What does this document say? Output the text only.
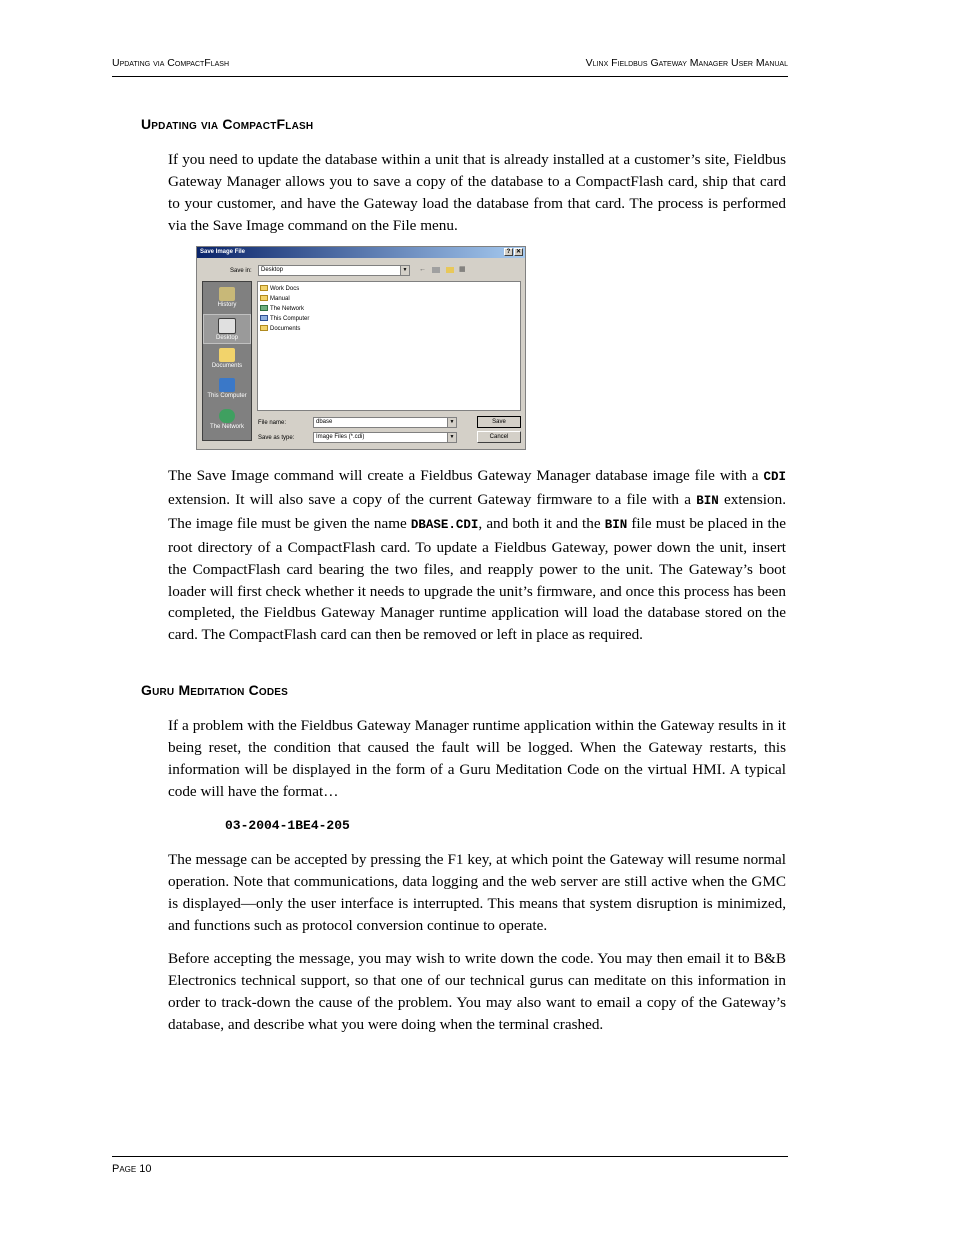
Updating via CompactFlash	Vlinx Fieldbus Gateway Manager User Manual
Updating via CompactFlash

If you need to update the database within a unit that is already installed at a customer’s site, Fieldbus Gateway Manager allows you to save a copy of the database to a CompactFlash card, ship that card to your customer, and have the Gateway load the database from that card. The process is performed via the Save Image command on the File menu.

Save Image File	? ✕
Save in:	Desktop	▼ ←	▦
History
Desktop
Documents
This Computer
The Network
Work Docs
Manual
The Network
This Computer
Documents
File name:	dbase	▼
Save as type:	Image Files (*.cdi)	▼
Save
Cancel

The Save Image command will create a Fieldbus Gateway Manager database image file with a CDI extension. It will also save a copy of the current Gateway firmware to a file with a BIN extension. The image file must be given the name DBASE.CDI, and both it and the BIN file must be placed in the root directory of a CompactFlash card. To update a Fieldbus Gateway, power down the unit, insert the CompactFlash card bearing the two files, and reapply power to the unit. The Gateway’s boot loader will first check whether it needs to upgrade the unit’s firmware, and once this process has been completed, the Fieldbus Gateway Manager runtime application will load the database stored on the card. The CompactFlash card can then be removed or left in place as required.

Guru Meditation Codes

If a problem with the Fieldbus Gateway Manager runtime application within the Gateway results in it being reset, the condition that caused the fault will be logged. When the Gateway restarts, this information will be displayed in the form of a Guru Meditation Code on the virtual HMI. A typical code will have the format…

03-2004-1BE4-205

The message can be accepted by pressing the F1 key, at which point the Gateway will resume normal operation. Note that communications, data logging and the web server are still active when the GMC is displayed—only the user interface is interrupted. This means that system disruption is minimized, and functions such as protocol conversion continue to operate.

Before accepting the message, you may wish to write down the code. You may then email it to B&B Electronics technical support, so that one of our technical gurus can meditate on this information in order to track-down the cause of the problem. You may also want to email a copy of the Gateway’s database, and describe what you were doing when the terminal crashed.

Page 10
